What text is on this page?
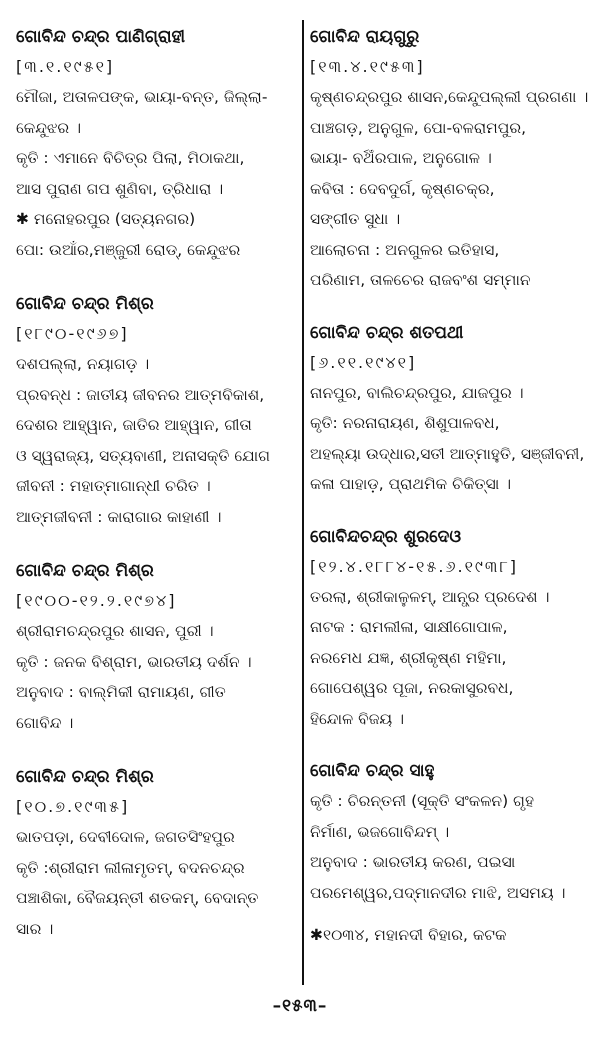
ଗୋବିନ୍ଦ ଚନ୍ଦ୍ର ପାଣିଗ୍ରାହୀ
[୩.୧.୧୯୫୧]
ମୌଜା, ଅତାଳପଙ୍କ, ଭାୟା-ବନ୍ତ, ଜିଲ୍ଲା-
କେନ୍ଦୁଝର ।
କୃତି : ଏମାନେ ବିଚିତ୍ର ପିଲା, ମିଠାକଥା,
ଆସ ପୁରାଣ ଗପ ଶୁଣିବା, ତ୍ରିଧାରା ।
✱ ମନୋହରପୁର (ସତ୍ୟନଗର)
ପୋ: ଉଆଁର,ମଞ୍ଜୁରୀ ରୋଡ୍, କେନ୍ଦୁଝର
ଗୋବିନ୍ଦ ଚନ୍ଦ୍ର ମିଶ୍ର
[୧୮୯୦-୧୯୬୭]
ଦଶପଲ୍ଲା, ନୟାଗଡ଼ ।
ପ୍ରବନ୍ଧ : ଜାତୀୟ ଜୀବନର ଆତ୍ମବିକାଶ,
ଦେଶର ଆହ୍ୱାନ, ଜାତିର ଆହ୍ୱାନ, ଗୀତା
ଓ ସ୍ୱରାଜ୍ୟ, ସତ୍ୟବାଣୀ, ଅନାସକ୍ତି ଯୋଗ
ଜୀବନୀ : ମହାତ୍ମାଗାନ୍ଧୀ ଚରିତ ।
ଆତ୍ମଜୀବନୀ : କାରାଗାର କାହାଣୀ ।
ଗୋବିନ୍ଦ ଚନ୍ଦ୍ର ମିଶ୍ର
[୧୯୦୦-୧୨.୨.୧୯୭୪]
ଶ୍ରୀରାମଚନ୍ଦ୍ରପୁର ଶାସନ, ପୁରୀ ।
କୃତି : ଜନକ ବିଶ୍ରାମ, ଭାରତୀୟ ଦର୍ଶନ ।
ଅନୁବାଦ : ବାଲ୍ମିକୀ ରାମାୟଣ, ଗୀତ
ଗୋବିନ୍ଦ ।
ଗୋବିନ୍ଦ ଚନ୍ଦ୍ର ମିଶ୍ର
[୧୦.୭.୧୯୩୫]
ଭାତପଡ଼ା, ଦେବୀଦୋଳ, ଜଗତସିଂହପୁର
କୃତି :ଶ୍ରୀରାମ ଲୀଳାମୃତମ୍, ବଦନଚନ୍ଦ୍ର
ପଞ୍ଚାଶିକା, ବୈଜୟନ୍ତୀ ଶତକମ୍, ବେଦାନ୍ତ
ସାର ।
ଗୋବିନ୍ଦ ରାୟଗୁରୁ
[୧୩.୪.୧୯୫୩]
କୃଷ୍ଣଚନ୍ଦ୍ରପୁର ଶାସନ,କେନ୍ଦୁପଲ୍ଲୀ ପ୍ରଗଣା ।
ପାଞ୍ଚଗଡ଼, ଅନୁଗୁଳ, ପୋ-ବଳରାମପୁର,
ଭାୟା- ବର୍ଥଁରପାଳ, ଅନୁଗୋଳ ।
କବିତା : ଦେବଦୁର୍ଗ, କୃଷ୍ଣଚକ୍ର,
ସଙ୍ଗୀତ ସୁଧା ।
ଆଲୋଚନା : ଅନଗୁଳର ଇତିହାସ,
ପରିଣାମ, ତାଳଚେର ରାଜବଂଶ ସମ୍ମାନ
ଗୋବିନ୍ଦ ଚନ୍ଦ୍ର ଶତପଥୀ
[୬.୧୧.୧୯୪୧]
ନାନପୁର, ବାଲିଚନ୍ଦ୍ରପୁର, ଯାଜପୁର ।
କୃତି: ନରନାରାୟଣ, ଶିଶୁପାଳବଧ,
ଅହଲ୍ୟା ଉଦ୍ଧାର,ସତୀ ଆତ୍ମାହୁତି, ସଞ୍ଜୀବନୀ,
କଳା ପାହାଡ଼, ପ୍ରାଥମିକ ଚିକିତ୍ସା ।
ଗୋବିନ୍ଦଚନ୍ଦ୍ର ଶୁରଦେଓ
[୧୨.୪.୧୮୮୪-୧୫.୬.୧୯୩୮]
ତରଲା, ଶ୍ରୀକାଳୁଳମ୍, ଆନ୍ଧ୍ର ପ୍ରଦେଶ ।
ନାଟକ : ରାମଲୀଳା, ସାକ୍ଷୀଗୋପାଳ,
ନରମେଧ ଯଜ୍ଞ, ଶ୍ରୀକୃଷ୍ଣ ମହିମା,
ଗୋପେଶ୍ୱର ପୂଜା, ନରକାସୁରବଧ,
ହିନ୍ଦୋଳ ବିଜୟ ।
ଗୋବିନ୍ଦ ଚନ୍ଦ୍ର ସାହୁ
କୃତି : ଚିରନ୍ତନୀ (ସୂକ୍ତି ସଂକଳନ) ଗୃହ
ନିର୍ମାଣ, ଭଜଗୋବିନ୍ଦମ୍ ।
ଅନୁବାଦ : ଭାରତୀୟ କରଣ, ପଇସା
ପରମେଶ୍ୱର,ପଦ୍ମାନଦୀର ମାଝି, ଅସମୟ ।
✱୧୦୩୪, ମହାନଦୀ ବିହାର, କଟକ
–୧୫୩–
